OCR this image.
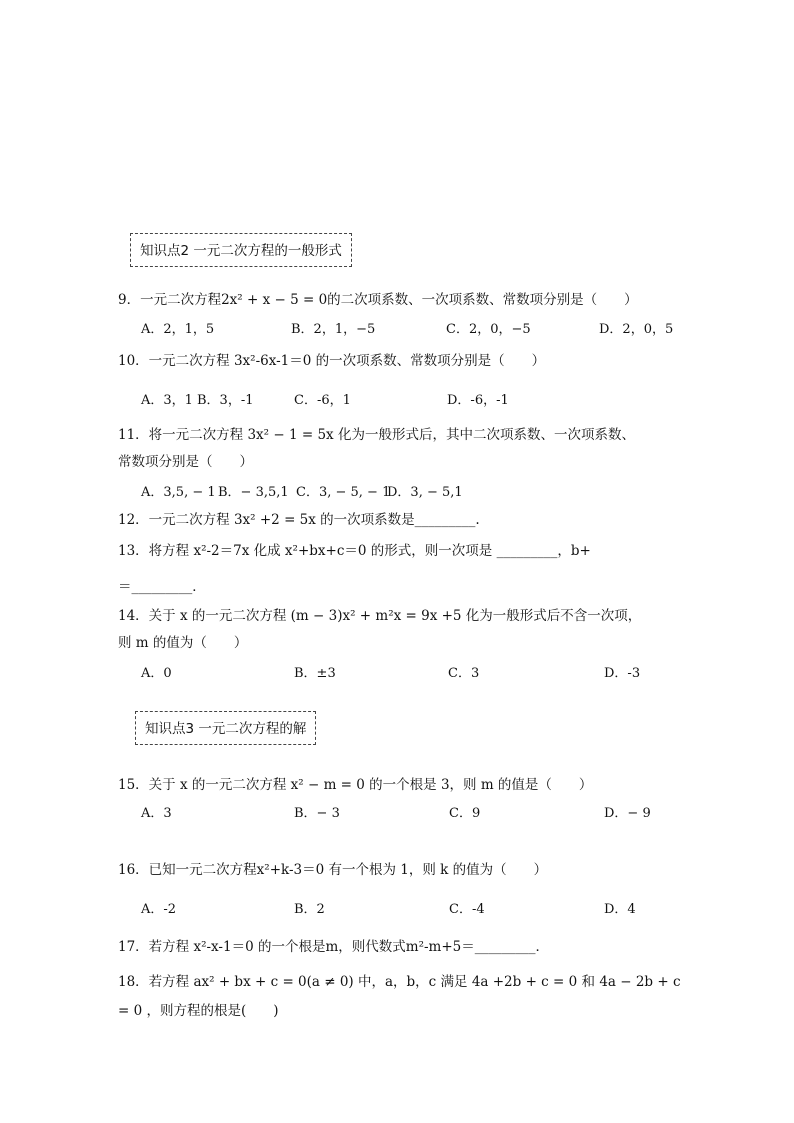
知识点2 一元二次方程的一般形式
9．一元二次方程2x² + x − 5 = 0的二次项系数、一次项系数、常数项分别是（　　）
A．2，1，5	B．2，1，−5	C．2，0，−5	D．2，0，5
10．一元二次方程 3x²-6x-1＝0 的一次项系数、常数项分别是（　　）
A．3，1 B．3，-1	C．-6，1	D．-6，-1
11．将一元二次方程 3x² − 1 = 5x 化为一般形式后，其中二次项系数、一次项系数、
常数项分别是（　　）
A．3,5, − 1 B．− 3,5,1 C．3, − 5, − 1
D．3, − 5,1
12．一元二次方程 3x² +2 = 5x 的一次项系数是_________.
13．将方程 x²-2＝7x 化成 x²+bx+c＝0 的形式，则一次项是 _________，b+
＝_________．
14．关于 x 的一元二次方程 (m − 3)x² + m²x = 9x +5 化为一般形式后不含一次项，
则 m 的值为（　　）
A．0	B．±3	C．3	D．-3
知识点3 一元二次方程的解
15．关于 x 的一元二次方程 x² − m = 0 的一个根是 3，则 m 的值是（　　）
A．3	B．− 3	C．9	D．− 9
16．已知一元二次方程x²+k-3＝0 有一个根为 1，则 k 的值为（　　）
A．-2	B．2	C．-4	D．4
17．若方程 x²-x-1＝0 的一个根是m，则代数式m²-m+5＝_________．
18．若方程 ax² + bx + c = 0(a ≠ 0) 中，a，b，c 满足 4a +2b + c = 0 和 4a − 2b + c
= 0 ，则方程的根是(　　)
